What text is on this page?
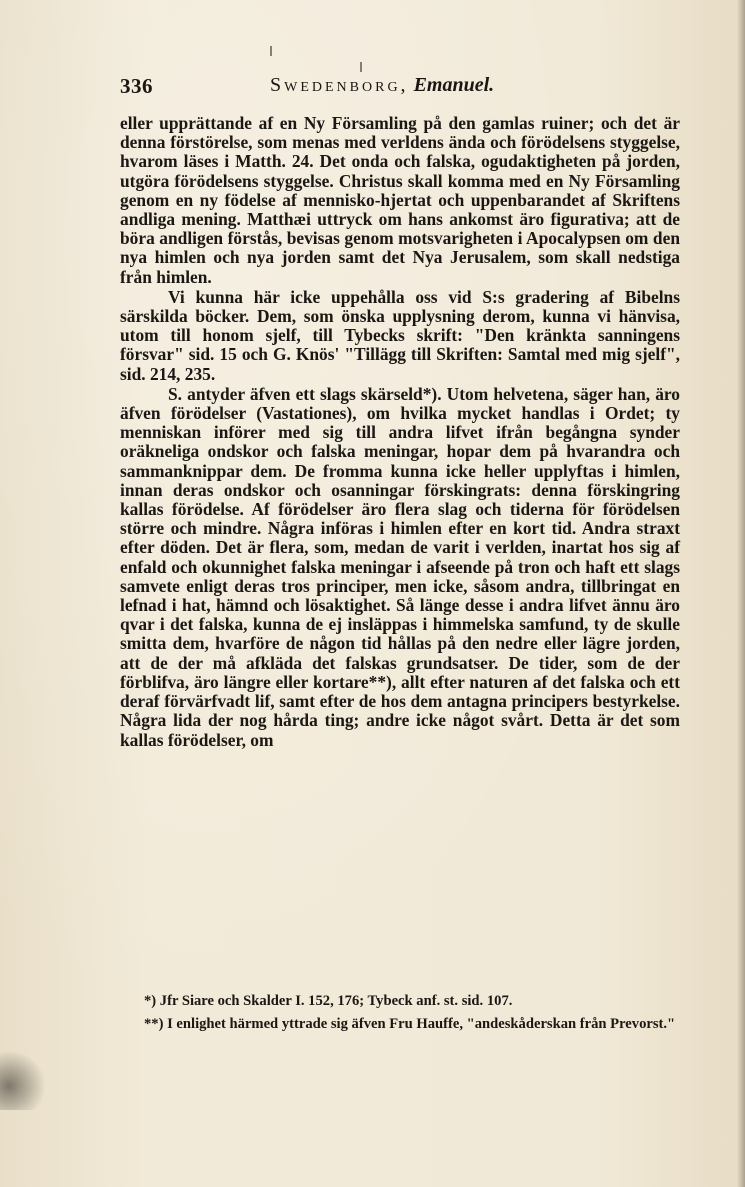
336	Swedenborg, Emanuel.

eller upprättande af en Ny Församling på den gamlas ruiner; och det är denna förstörelse, som menas med verldens ända och förödelsens styggelse, hvarom läses i Matth. 24. Det onda och falska, ogudaktigheten på jorden, utgöra förödelsens styggelse. Christus skall komma med en Ny Församling genom en ny födelse af mennisko-hjertat och uppenbarandet af Skriftens andliga mening. Matthæi uttryck om hans ankomst äro figurativa; att de böra andligen förstås, bevisas genom motsvarigheten i Apocalypsen om den nya himlen och nya jorden samt det Nya Jerusalem, som skall nedstiga från himlen.

Vi kunna här icke uppehålla oss vid S:s gradering af Bibelns särskilda böcker. Dem, som önska upplysning derom, kunna vi hänvisa, utom till honom sjelf, till Tybecks skrift: "Den kränkta sanningens försvar" sid. 15 och G. Knös' "Tillägg till Skriften: Samtal med mig sjelf", sid. 214, 235.

S. antyder äfven ett slags skärseld*). Utom helvetena, säger han, äro äfven förödelser (Vastationes), om hvilka mycket handlas i Ordet; ty menniskan införer med sig till andra lifvet ifrån begångna synder oräkneliga ondskor och falska meningar, hopar dem på hvarandra och sammanknippar dem. De fromma kunna icke heller upplyftas i himlen, innan deras ondskor och osanningar förskingrats: denna förskingring kallas förödelse. Af förödelser äro flera slag och tiderna för förödelsen större och mindre. Några införas i himlen efter en kort tid. Andra straxt efter döden. Det är flera, som, medan de varit i verlden, inartat hos sig af enfald och okunnighet falska meningar i afseende på tron och haft ett slags samvete enligt deras tros principer, men icke, såsom andra, tillbringat en lefnad i hat, hämnd och lösaktighet. Så länge desse i andra lifvet ännu äro qvar i det falska, kunna de ej insläppas i himmelska samfund, ty de skulle smitta dem, hvarföre de någon tid hållas på den nedre eller lägre jorden, att de der må afkläda det falskas grundsatser. De tider, som de der förblifva, äro längre eller kortare**), allt efter naturen af det falska och ett deraf förvärfvadt lif, samt efter de hos dem antagna principers bestyrkelse. Några lida der nog hårda ting; andre icke något svårt. Detta är det som kallas förödelser, om

*) Jfr Siare och Skalder I. 152, 176; Tybeck anf. st. sid. 107.

**) I enlighet härmed yttrade sig äfven Fru Hauffe, "andeskåderskan från Prevorst."
